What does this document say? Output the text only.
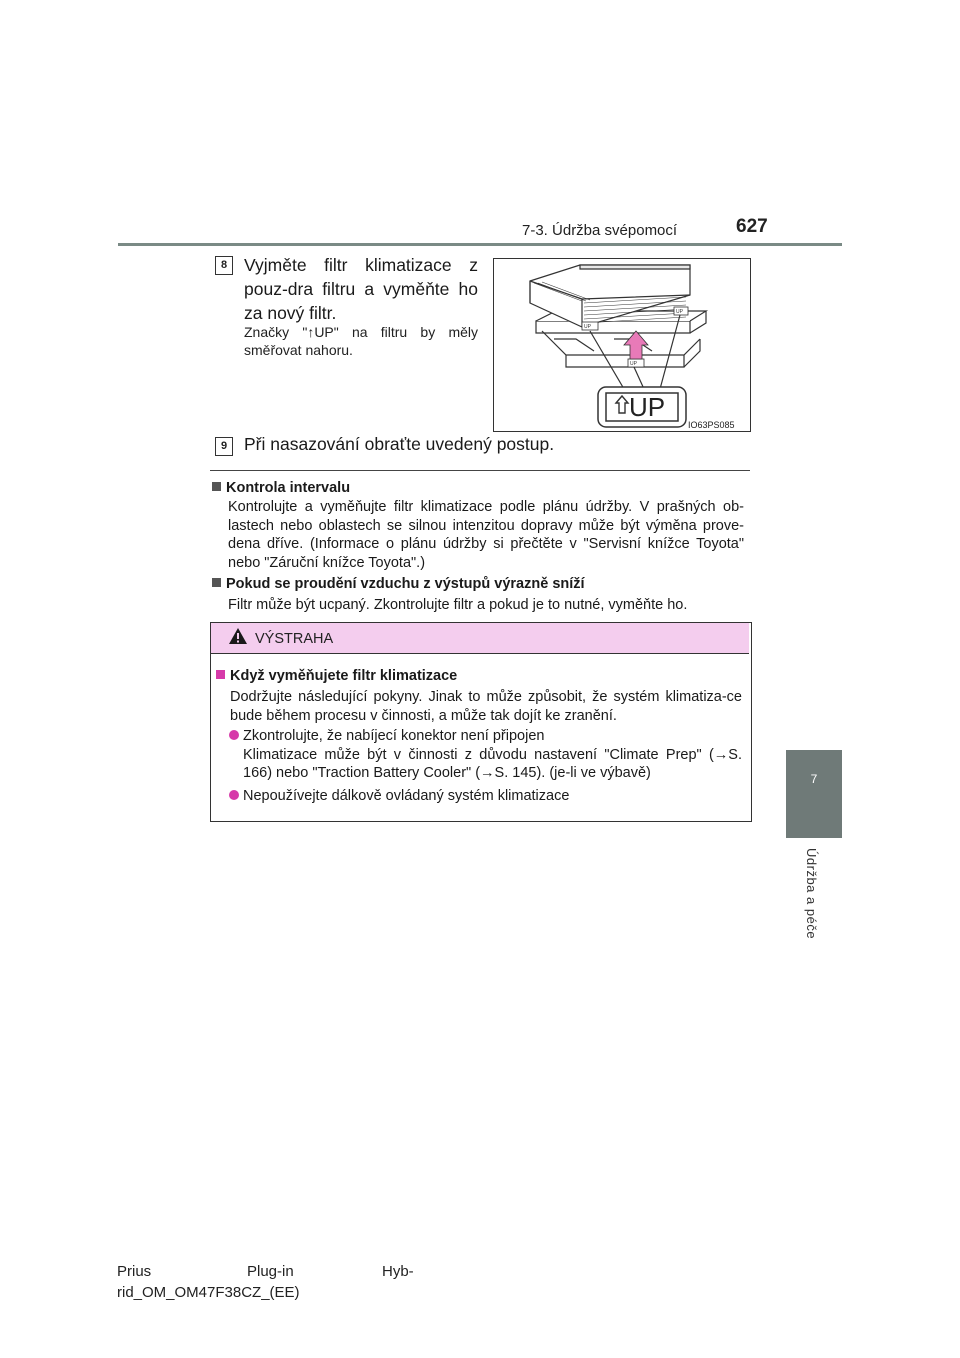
7-3. Údržba svépomocí	627
7
Údržba a péče
8 Vyjměte filtr klimatizace z pouz-dra filtru a vyměňte ho za nový filtr.
Značky "↑UP" na filtru by měly směřovat nahoru.
UP
UP
UP
UP
IO63PS085
9 Při nasazování obraťte uvedený postup.
Kontrola intervalu
Kontrolujte a vyměňujte filtr klimatizace podle plánu údržby. V prašných ob-lastech nebo oblastech se silnou intenzitou dopravy může být výměna prove-dena dříve. (Informace o plánu údržby si přečtěte v "Servisní knížce Toyota" nebo "Záruční knížce Toyota".)
Pokud se proudění vzduchu z výstupů výrazně sníží
Filtr může být ucpaný. Zkontrolujte filtr a pokud je to nutné, vyměňte ho.
VÝSTRAHA
Když vyměňujete filtr klimatizace
Dodržujte následující pokyny. Jinak to může způsobit, že systém klimatiza-ce bude během procesu v činnosti, a může tak dojít ke zranění.
Zkontrolujte, že nabíjecí konektor není připojen
Klimatizace může být v činnosti z důvodu nastavení "Climate Prep" (→S. 166) nebo "Traction Battery Cooler" (→S. 145). (je-li ve výbavě)
Nepoužívejte dálkově ovládaný systém klimatizace
Prius	Plug-in	Hyb-
rid_OM_OM47F38CZ_(EE)
